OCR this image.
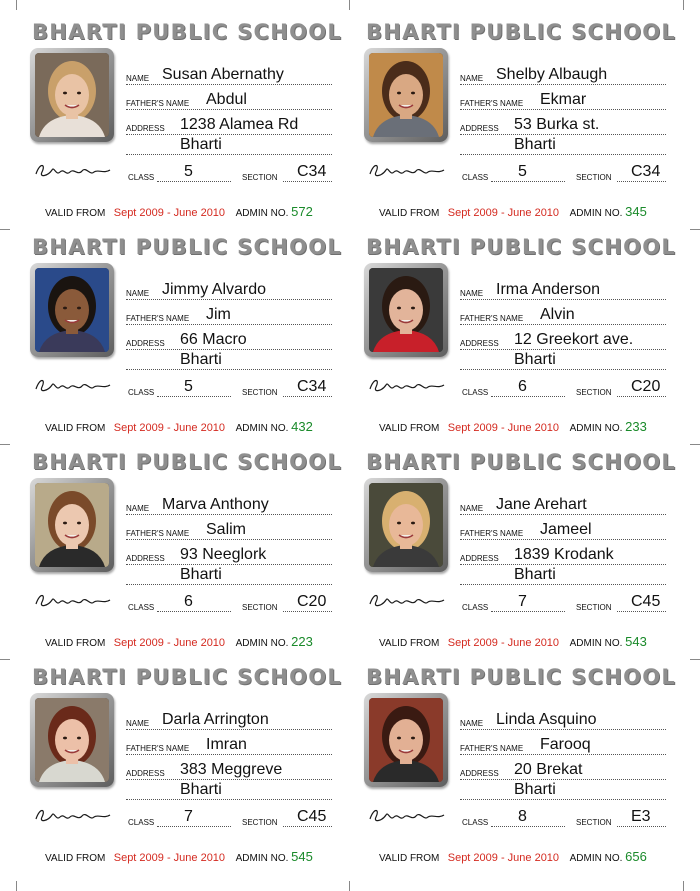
BHARTI PUBLIC SCHOOL
NAME Susan Abernathy
FATHER'S NAME Abdul
ADDRESS 1238 Alamea Rd
Bharti
CLASS 5	SECTION C34
VALID FROM Sept 2009 - June 2010 ADMIN NO. 572
BHARTI PUBLIC SCHOOL
NAME Shelby Albaugh
FATHER'S NAME Ekmar
ADDRESS 53 Burka st.
Bharti
CLASS 5	SECTION C34
VALID FROM Sept 2009 - June 2010 ADMIN NO. 345
BHARTI PUBLIC SCHOOL
NAME Jimmy Alvardo
FATHER'S NAME Jim
ADDRESS 66 Macro
Bharti
CLASS 5	SECTION C34
VALID FROM Sept 2009 - June 2010 ADMIN NO. 432
BHARTI PUBLIC SCHOOL
NAME Irma Anderson
FATHER'S NAME Alvin
ADDRESS 12 Greekort ave.
Bharti
CLASS 6	SECTION C20
VALID FROM Sept 2009 - June 2010 ADMIN NO. 233
BHARTI PUBLIC SCHOOL
NAME Marva Anthony
FATHER'S NAME Salim
ADDRESS 93 Neeglork
Bharti
CLASS 6	SECTION C20
VALID FROM Sept 2009 - June 2010 ADMIN NO. 223
BHARTI PUBLIC SCHOOL
NAME Jane Arehart
FATHER'S NAME Jameel
ADDRESS 1839 Krodank
Bharti
CLASS 7	SECTION C45
VALID FROM Sept 2009 - June 2010 ADMIN NO. 543
BHARTI PUBLIC SCHOOL
NAME Darla Arrington
FATHER'S NAME Imran
ADDRESS 383 Meggreve
Bharti
CLASS 7	SECTION C45
VALID FROM Sept 2009 - June 2010 ADMIN NO. 545
BHARTI PUBLIC SCHOOL
NAME Linda Asquino
FATHER'S NAME Farooq
ADDRESS 20 Brekat
Bharti
CLASS 8	SECTION E3
VALID FROM Sept 2009 - June 2010 ADMIN NO. 656
